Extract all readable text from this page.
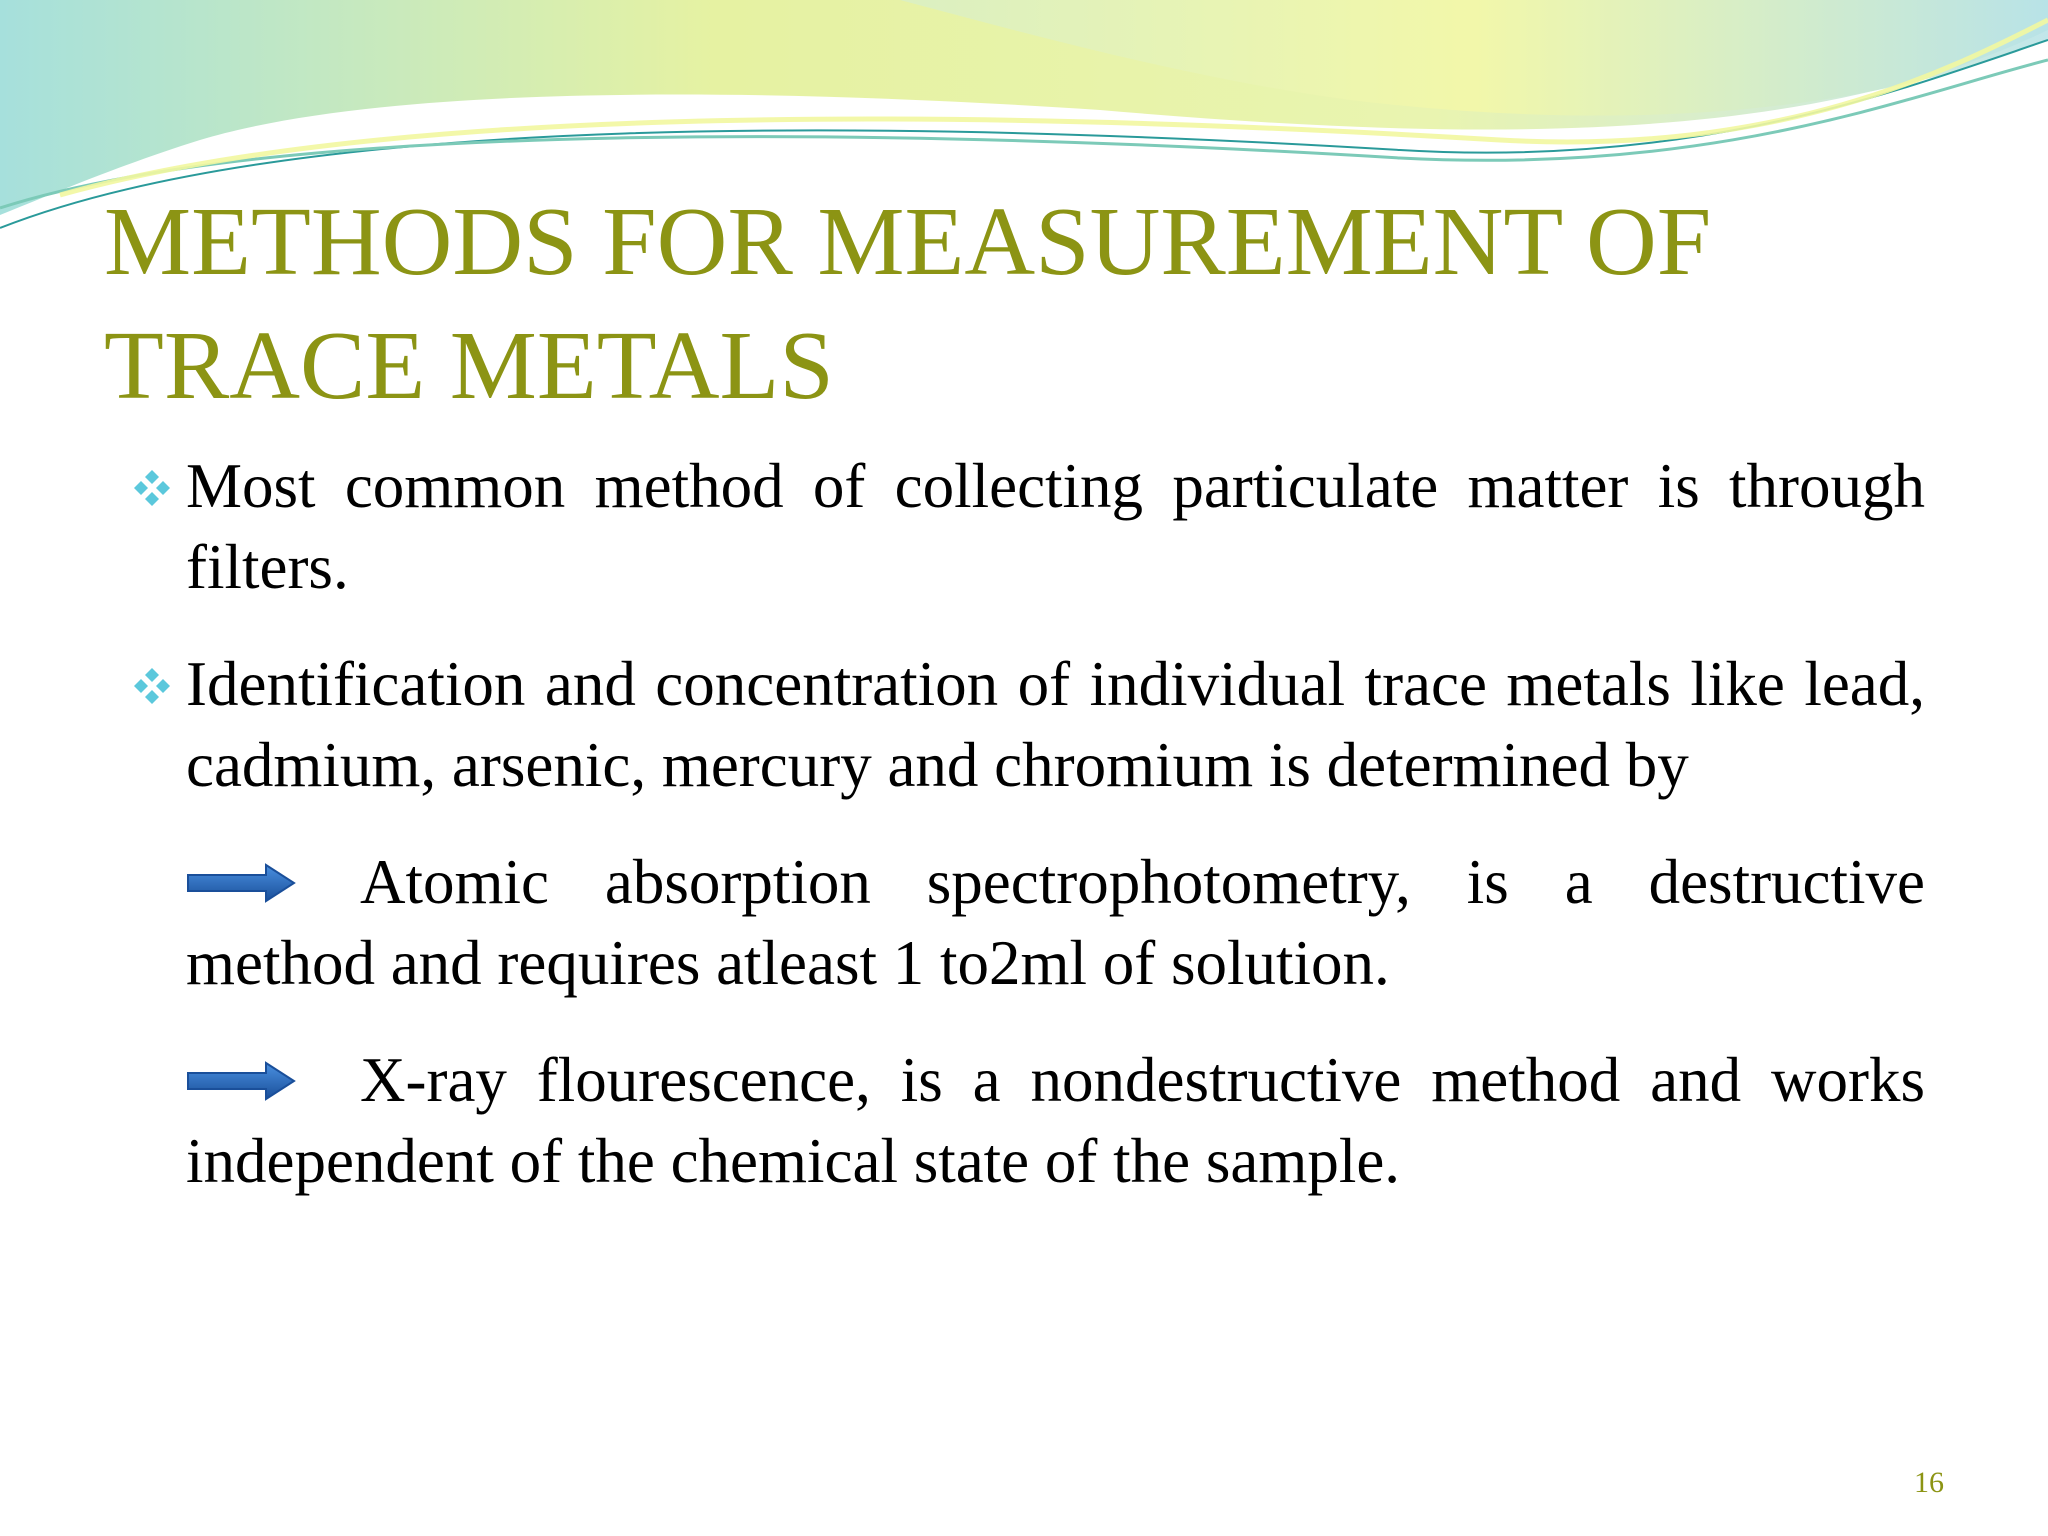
METHODS FOR MEASUREMENT OF
TRACE METALS
Most common method of collecting particulate matter is through filters.
Identification and concentration of individual trace metals like lead, cadmium, arsenic, mercury and chromium is determined by
Atomic absorption spectrophotometry, is a destructive method and requires atleast 1 to2ml of solution.
X-ray flourescence, is a nondestructive method and works independent of the chemical state of the sample.
16
